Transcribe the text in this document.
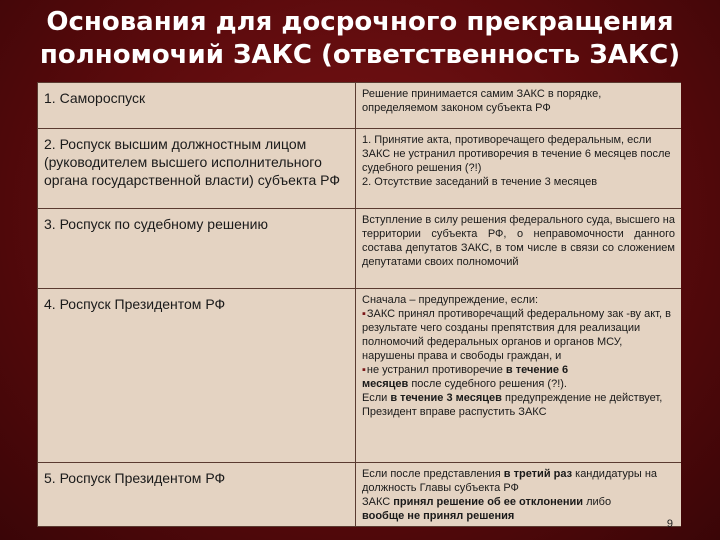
Основания для досрочного прекращения
полномочий ЗАКС (ответственность ЗАКС)
1. Самороспуск	Решение принимается самим ЗАКС в порядке, определяемом законом субъекта РФ

2. Роспуск высшим должностным лицом (руководителем высшего исполнительного органа государственной власти) субъекта РФ	1. Принятие акта, противоречащего федеральным, если ЗАКС не устранил противоречия в течение 6 месяцев после судебного решения (?!)
2. Отсутствие заседаний в течение 3 месяцев

3. Роспуск по судебному решению	Вступление в силу решения федерального суда, высшего на территории субъекта РФ, о неправомочности данного состава депутатов ЗАКС, в том числе в связи со сложением депутатами своих полномочий

4. Роспуск Президентом РФ	Сначала – предупреждение, если:
▪ ЗАКС принял противоречащий федеральному зак -ву акт, в результате чего созданы препятствия для реализации полномочий федеральных органов и органов МСУ, нарушены права и свободы граждан, и
▪ не устранил противоречие в течение 6
месяцев после судебного решения (?!).
Если в течение 3 месяцев предупреждение не действует, Президент вправе распустить ЗАКС

5. Роспуск Президентом РФ	Если после представления в третий раз кандидатуры на должность Главы субъекта РФ
ЗАКС принял решение об ее отклонении либо
вообще не принял решения
9
